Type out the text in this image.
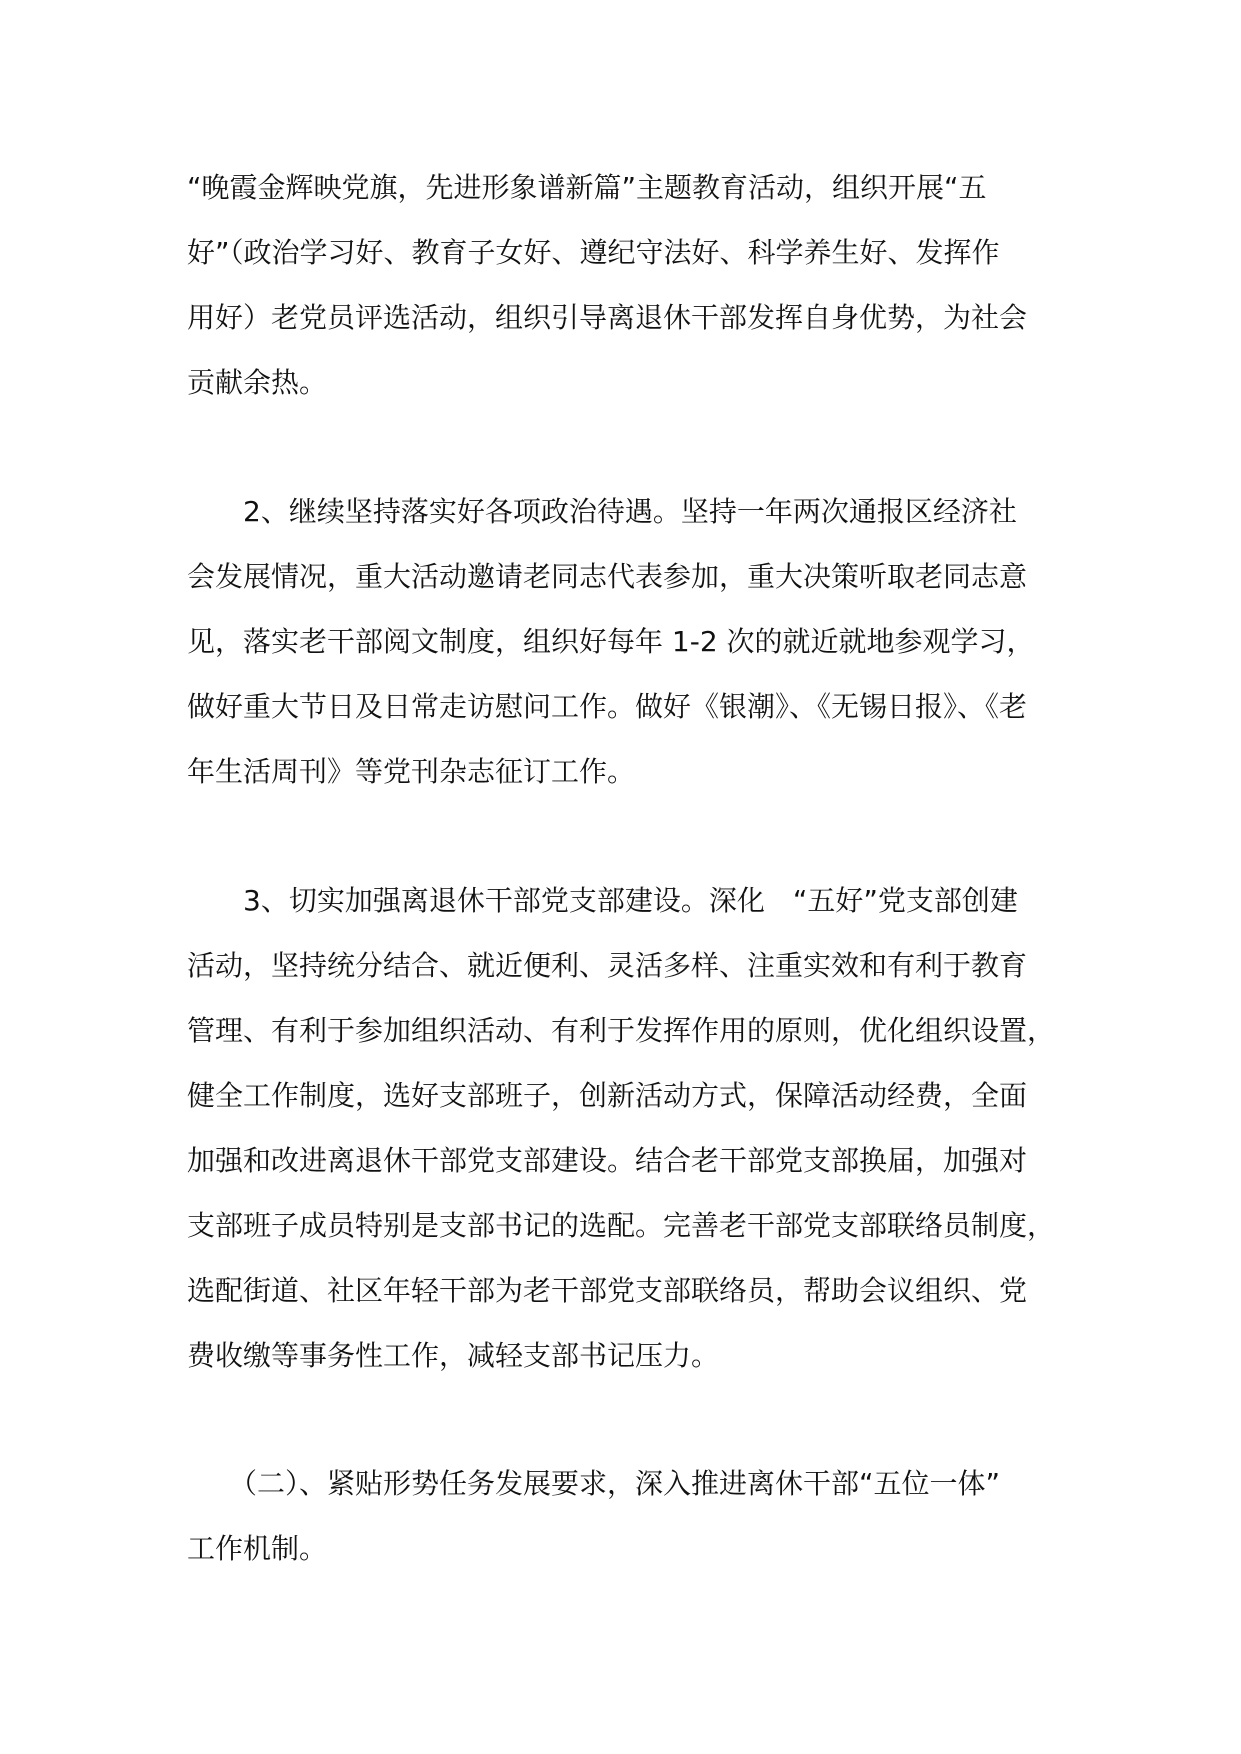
“晚霞金辉映党旗，先进形象谱新篇”主题教育活动，组织开展“五
好”（政治学习好、教育子女好、遵纪守法好、科学养生好、发挥作
用好）老党员评选活动，组织引导离退休干部发挥自身优势，为社会
贡献余热。

　　2、继续坚持落实好各项政治待遇。坚持一年两次通报区经济社
会发展情况，重大活动邀请老同志代表参加，重大决策听取老同志意
见，落实老干部阅文制度，组织好每年 1-2 次的就近就地参观学习，
做好重大节日及日常走访慰问工作。做好《银潮》、《无锡日报》、《老
年生活周刊》等党刊杂志征订工作。

　　3、切实加强离退休干部党支部建设。深化　“五好”党支部创建
活动，坚持统分结合、就近便利、灵活多样、注重实效和有利于教育
管理、有利于参加组织活动、有利于发挥作用的原则，优化组织设置，
健全工作制度，选好支部班子，创新活动方式，保障活动经费，全面
加强和改进离退休干部党支部建设。结合老干部党支部换届，加强对
支部班子成员特别是支部书记的选配。完善老干部党支部联络员制度，
选配街道、社区年轻干部为老干部党支部联络员，帮助会议组织、党
费收缴等事务性工作，减轻支部书记压力。

　　（二）、紧贴形势任务发展要求，深入推进离休干部“五位一体”
工作机制。
